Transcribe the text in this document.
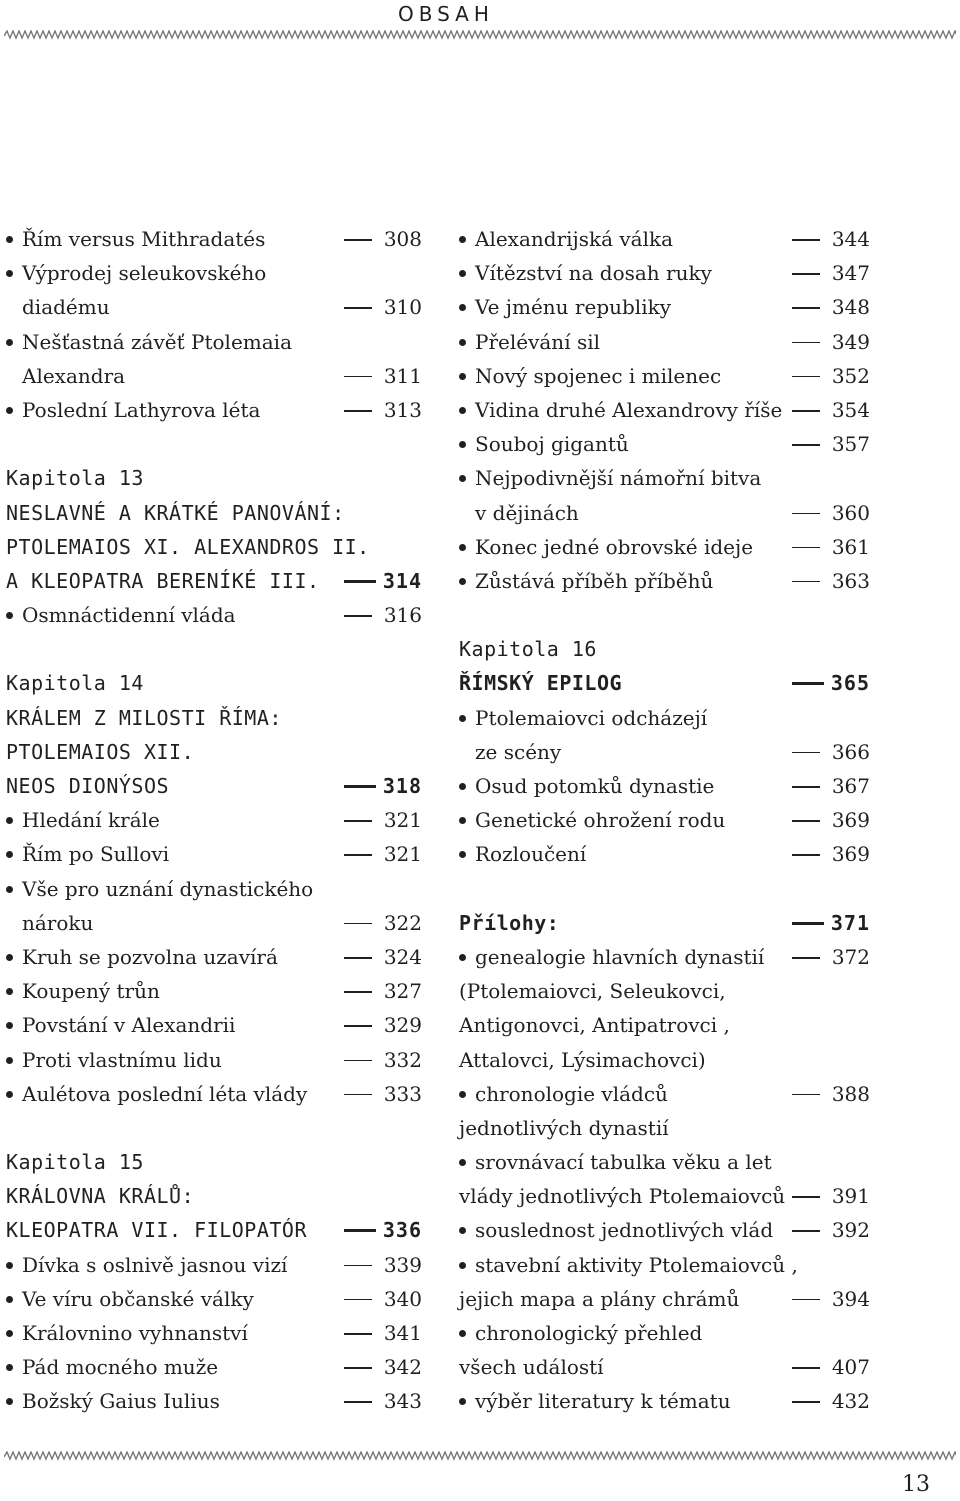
OBSAH
Řím versus Mithradatés	308
Výprodej seleukovského
diadému	310
Nešťastná závěť Ptolemaia
Alexandra	311
Poslední Lathyrova léta	313
Kapitola 13
NESLAVNÉ A KRÁTKÉ PANOVÁNÍ:
PTOLEMAIOS XI. ALEXANDROS II.
A KLEOPATRA BERENÍKÉ III.	314
Osmnáctidenní vláda	316
Kapitola 14
KRÁLEM Z MILOSTI ŘÍMA:
PTOLEMAIOS XII.
NEOS DIONÝSOS	318
Hledání krále	321
Řím po Sullovi	321
Vše pro uznání dynastického
nároku	322
Kruh se pozvolna uzavírá	324
Koupený trůn	327
Povstání v Alexandrii	329
Proti vlastnímu lidu	332
Aulétova poslední léta vlády	333
Kapitola 15
KRÁLOVNA KRÁLŮ:
KLEOPATRA VII. FILOPATÓR	336
Dívka s oslnivě jasnou vizí	339
Ve víru občanské války	340
Královnino vyhnanství	341
Pád mocného muže	342
Božský Gaius Iulius	343
Alexandrijská válka	344
Vítězství na dosah ruky	347
Ve jménu republiky	348
Přelévání sil	349
Nový spojenec i milenec	352
Vidina druhé Alexandrovy říše 354
Souboj gigantů	357
Nejpodivnější námořní bitva
v dějinách	360
Konec jedné obrovské ideje	361
Zůstává příběh příběhů	363
Kapitola 16
ŘÍMSKÝ EPILOG	365
Ptolemaiovci odcházejí
ze scény	366
Osud potomků dynastie	367
Genetické ohrožení rodu	369
Rozloučení	369
Přílohy:	371
genealogie hlavních dynastií	372
(Ptolemaiovci, Seleukovci,
Antigonovci, Antipatrovci ,
Attalovci, Lýsimachovci)
chronologie vládců	388
jednotlivých dynastií
srovnávací tabulka věku a let
vlády jednotlivých Ptolemaiovců 391
souslednost jednotlivých vlád	392
stavební aktivity Ptolemaiovců ,
jejich mapa a plány chrámů	394
chronologický přehled
všech událostí	407
výběr literatury k tématu	432
13
